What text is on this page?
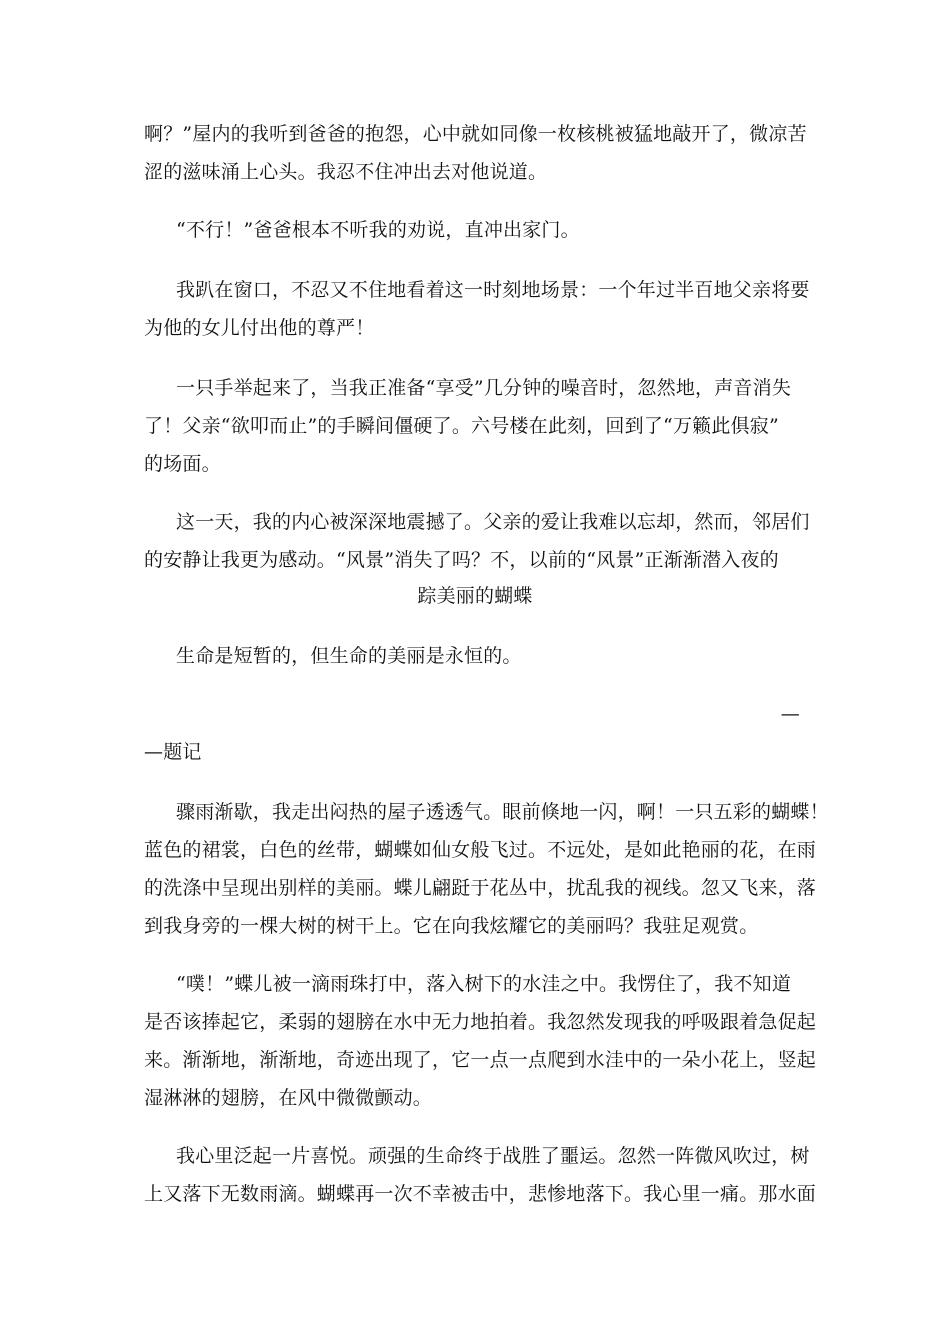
啊？”屋内的我听到爸爸的抱怨，心中就如同像一枚核桃被猛地敲开了，微凉苦
涩的滋味涌上心头。我忍不住冲出去对他说道。
“不行！”爸爸根本不听我的劝说，直冲出家门。
我趴在窗口，不忍又不住地看着这一时刻地场景：一个年过半百地父亲将要
为他的女儿付出他的尊严！
一只手举起来了，当我正准备“享受”几分钟的噪音时，忽然地，声音消失
了！父亲“欲叩而止”的手瞬间僵硬了。六号楼在此刻，回到了“万籁此俱寂”
的场面。
这一天，我的内心被深深地震撼了。父亲的爱让我难以忘却，然而，邻居们
的安静让我更为感动。“风景”消失了吗？不，以前的“风景”正渐渐潜入夜的
踪美丽的蝴蝶
生命是短暂的，但生命的美丽是永恒的。
—
—题记
骤雨渐歇，我走出闷热的屋子透透气。眼前倏地一闪，啊！一只五彩的蝴蝶！
蓝色的裙裳，白色的丝带，蝴蝶如仙女般飞过。不远处，是如此艳丽的花，在雨
的洗涤中呈现出别样的美丽。蝶儿翩跹于花丛中，扰乱我的视线。忽又飞来，落
到我身旁的一棵大树的树干上。它在向我炫耀它的美丽吗？我驻足观赏。
“噗！”蝶儿被一滴雨珠打中，落入树下的水洼之中。我愣住了，我不知道
是否该捧起它，柔弱的翅膀在水中无力地拍着。我忽然发现我的呼吸跟着急促起
来。渐渐地，渐渐地，奇迹出现了，它一点一点爬到水洼中的一朵小花上，竖起
湿淋淋的翅膀，在风中微微颤动。
我心里泛起一片喜悦。顽强的生命终于战胜了噩运。忽然一阵微风吹过，树
上又落下无数雨滴。蝴蝶再一次不幸被击中，悲惨地落下。我心里一痛。那水面
